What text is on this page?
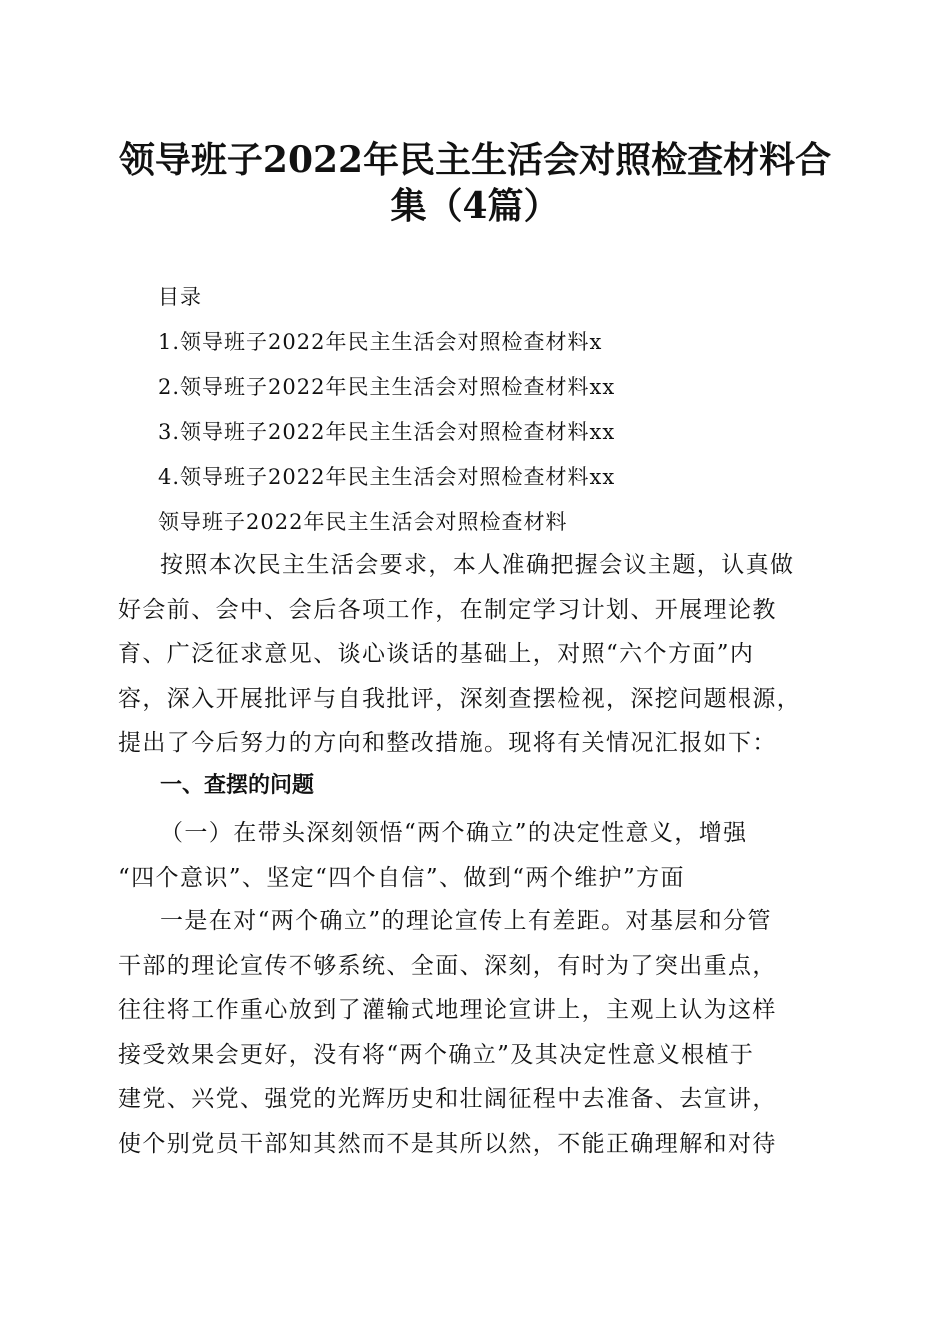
领导班子2022年民主生活会对照检查材料合
集（4篇）
目录
1.领导班子2022年民主生活会对照检查材料x
2.领导班子2022年民主生活会对照检查材料xx
3.领导班子2022年民主生活会对照检查材料xx
4.领导班子2022年民主生活会对照检查材料xx
领导班子2022年民主生活会对照检查材料
按照本次民主生活会要求，本人准确把握会议主题，认真做
好会前、会中、会后各项工作，在制定学习计划、开展理论教
育、广泛征求意见、谈心谈话的基础上，对照“六个方面”内
容，深入开展批评与自我批评，深刻查摆检视，深挖问题根源，
提出了今后努力的方向和整改措施。现将有关情况汇报如下：
一、查摆的问题
（一）在带头深刻领悟“两个确立”的决定性意义，增强
“四个意识”、坚定“四个自信”、做到“两个维护”方面
一是在对“两个确立”的理论宣传上有差距。对基层和分管
干部的理论宣传不够系统、全面、深刻，有时为了突出重点，
往往将工作重心放到了灌输式地理论宣讲上，主观上认为这样
接受效果会更好，没有将“两个确立”及其决定性意义根植于
建党、兴党、强党的光辉历史和壮阔征程中去准备、去宣讲，
使个别党员干部知其然而不是其所以然，不能正确理解和对待
